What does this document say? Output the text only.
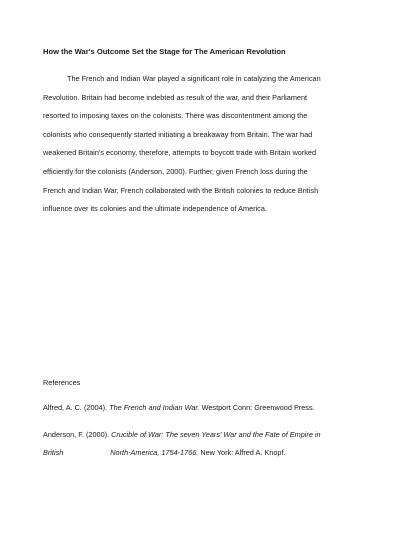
How the War's Outcome Set the Stage for The American Revolution

The French and Indian War played a significant role in catalyzing the American
Revolution. Britain had become indebted as result of the war, and their Parliament
resorted to imposing taxes on the colonists. There was discontentment among the
colonists who consequently started initiating a breakaway from Britain. The war had
weakened Britain's economy, therefore, attempts to boycott trade with Britain worked
efficiently for the colonists (Anderson, 2000). Further, given French loss during the
French and Indian War, French collaborated with the British colonies to reduce British
influence over its colonies and the ultimate independence of America.

References
Alfred, A. C. (2004). The French and Indian War. Westport Conn: Greenwood Press.
Anderson, F. (2000). Crucible of War: The seven Years' War and the Fate of Empire in
British	North-America, 1754-1766. New York: Alfred A. Knopf.
